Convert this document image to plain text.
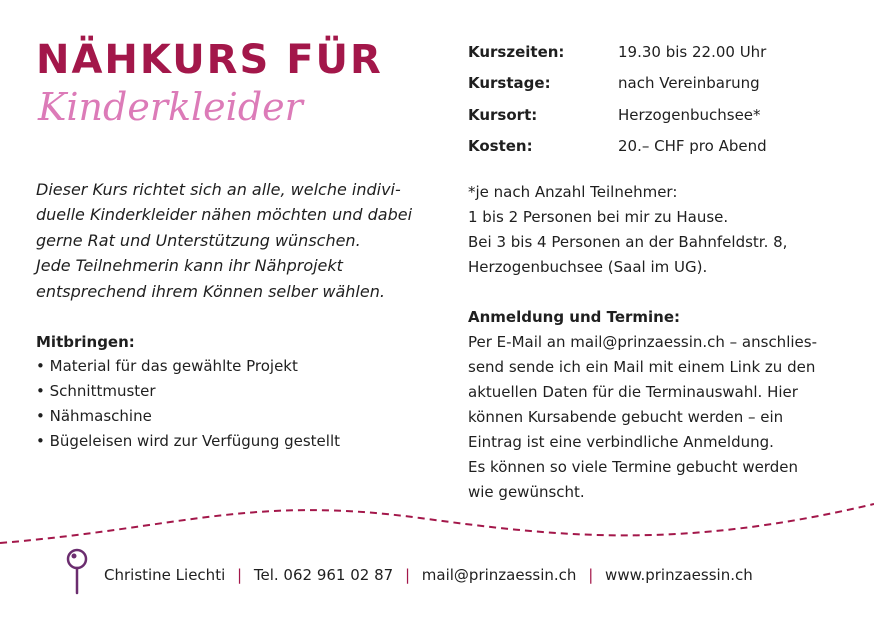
NÄHKURS FÜR
Kinderkleider

Dieser Kurs richtet sich an alle, welche indivi-
duelle Kinderkleider nähen möchten und dabei
gerne Rat und Unterstützung wünschen.
Jede Teilnehmerin kann ihr Nähprojekt
entsprechend ihrem Können selber wählen.

Mitbringen:
• Material für das gewählte Projekt
• Schnittmuster
• Nähmaschine
• Bügeleisen wird zur Verfügung gestellt
Kurszeiten:	19.30 bis 22.00 Uhr
Kurstage:	nach Vereinbarung
Kursort:	Herzogenbuchsee*
Kosten:	20.– CHF pro Abend

*je nach Anzahl Teilnehmer:
1 bis 2 Personen bei mir zu Hause.
Bei 3 bis 4 Personen an der Bahnfeldstr. 8,
Herzogenbuchsee (Saal im UG).

Anmeldung und Termine:

Per E-Mail an mail@prinzaessin.ch – anschlies-
send sende ich ein Mail mit einem Link zu den
aktuellen Daten für die Terminauswahl. Hier
können Kursabende gebucht werden – ein
Eintrag ist eine verbindliche Anmeldung.
Es können so viele Termine gebucht werden
wie gewünscht.

Christine Liechti | Tel. 062 961 02 87 | mail@prinzaessin.ch | www.prinzaessin.ch
